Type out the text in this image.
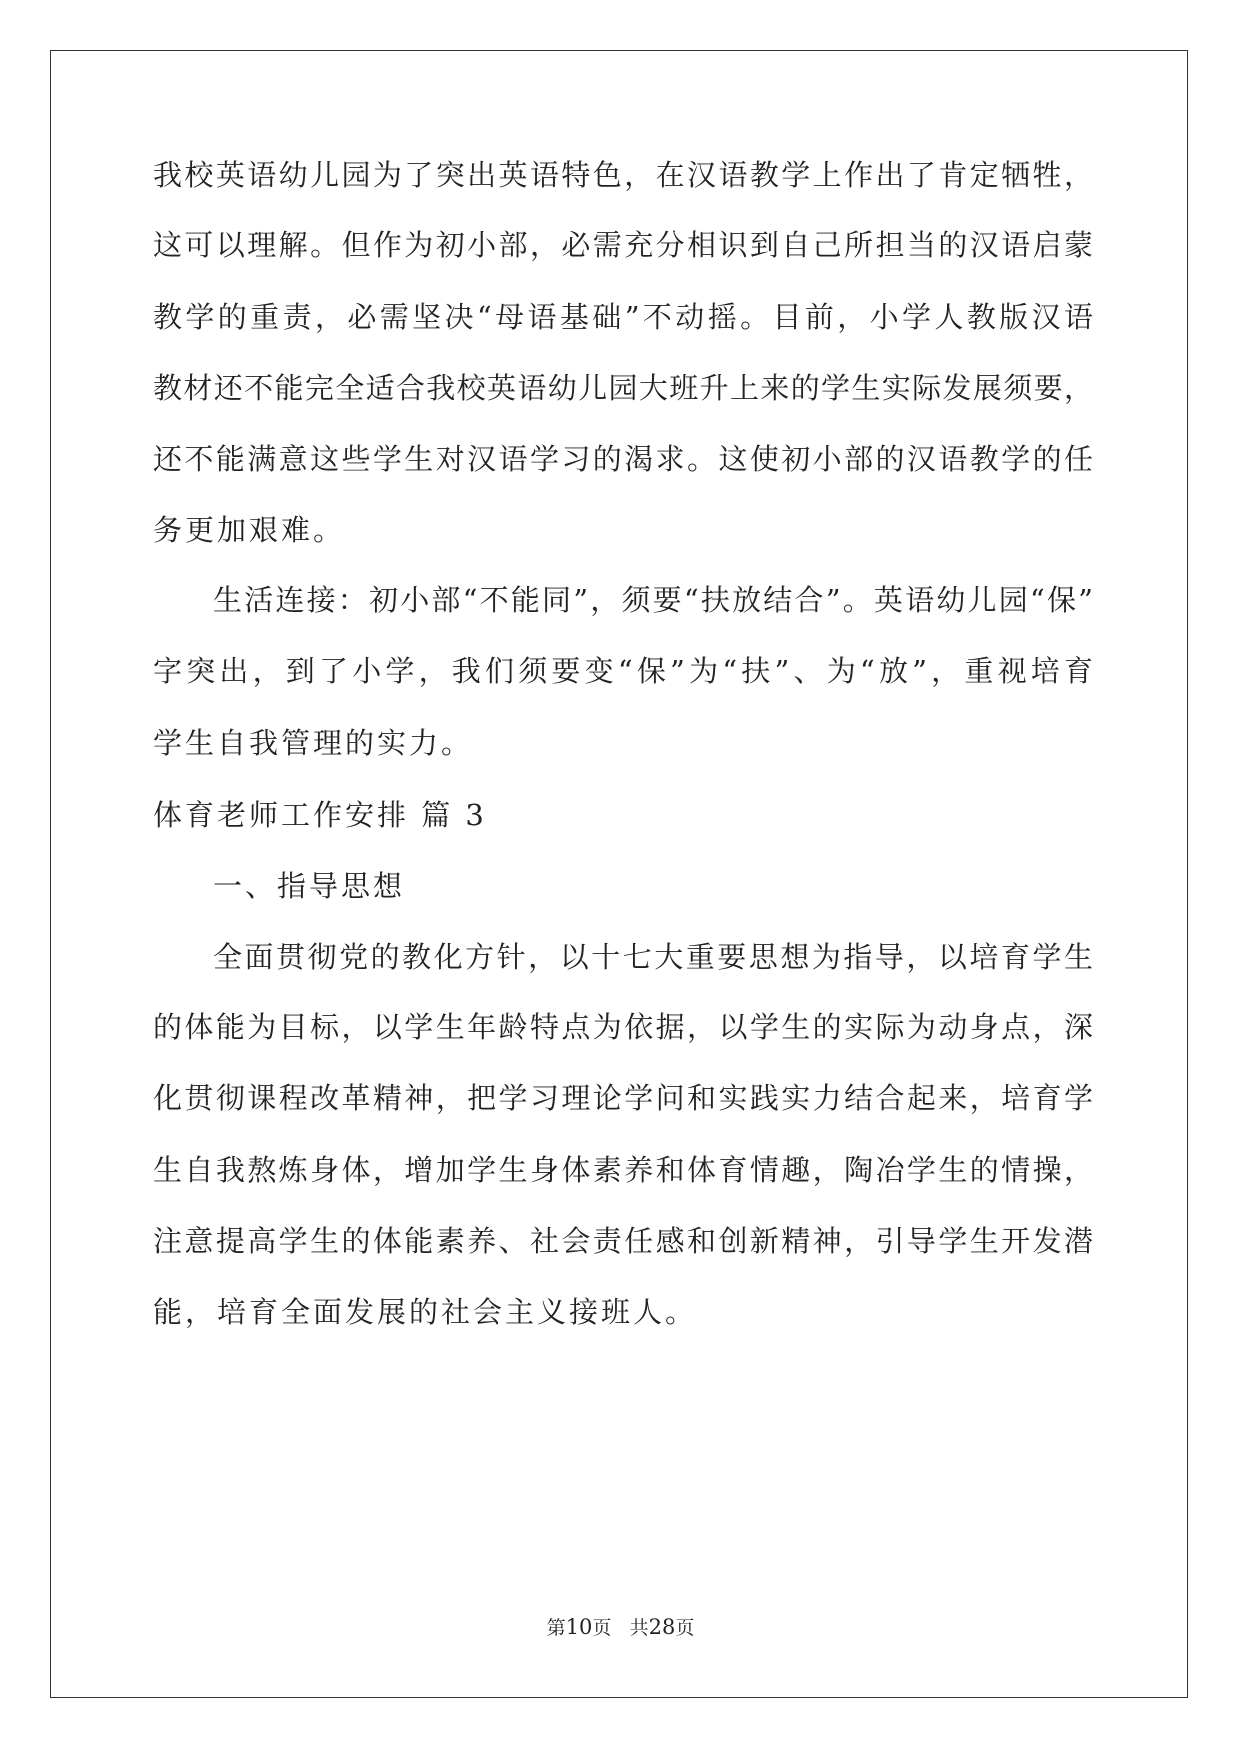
我校英语幼儿园为了突出英语特色，在汉语教学上作出了肯定牺牲，
这可以理解。但作为初小部，必需充分相识到自己所担当的汉语启蒙
教学的重责，必需坚决“母语基础”不动摇。目前，小学人教版汉语
教材还不能完全适合我校英语幼儿园大班升上来的学生实际发展须要，
还不能满意这些学生对汉语学习的渴求。这使初小部的汉语教学的任
务更加艰难。
生活连接：初小部“不能同”，须要“扶放结合”。英语幼儿园“保”
字突出，到了小学，我们须要变“保”为“扶”、为“放”，重视培育
学生自我管理的实力。
体育老师工作安排 篇 3
一、指导思想
全面贯彻党的教化方针，以十七大重要思想为指导，以培育学生
的体能为目标，以学生年龄特点为依据，以学生的实际为动身点，深
化贯彻课程改革精神，把学习理论学问和实践实力结合起来，培育学
生自我熬炼身体，增加学生身体素养和体育情趣，陶冶学生的情操，
注意提高学生的体能素养、社会责任感和创新精神，引导学生开发潜
能，培育全面发展的社会主义接班人。
第10页 共28页
